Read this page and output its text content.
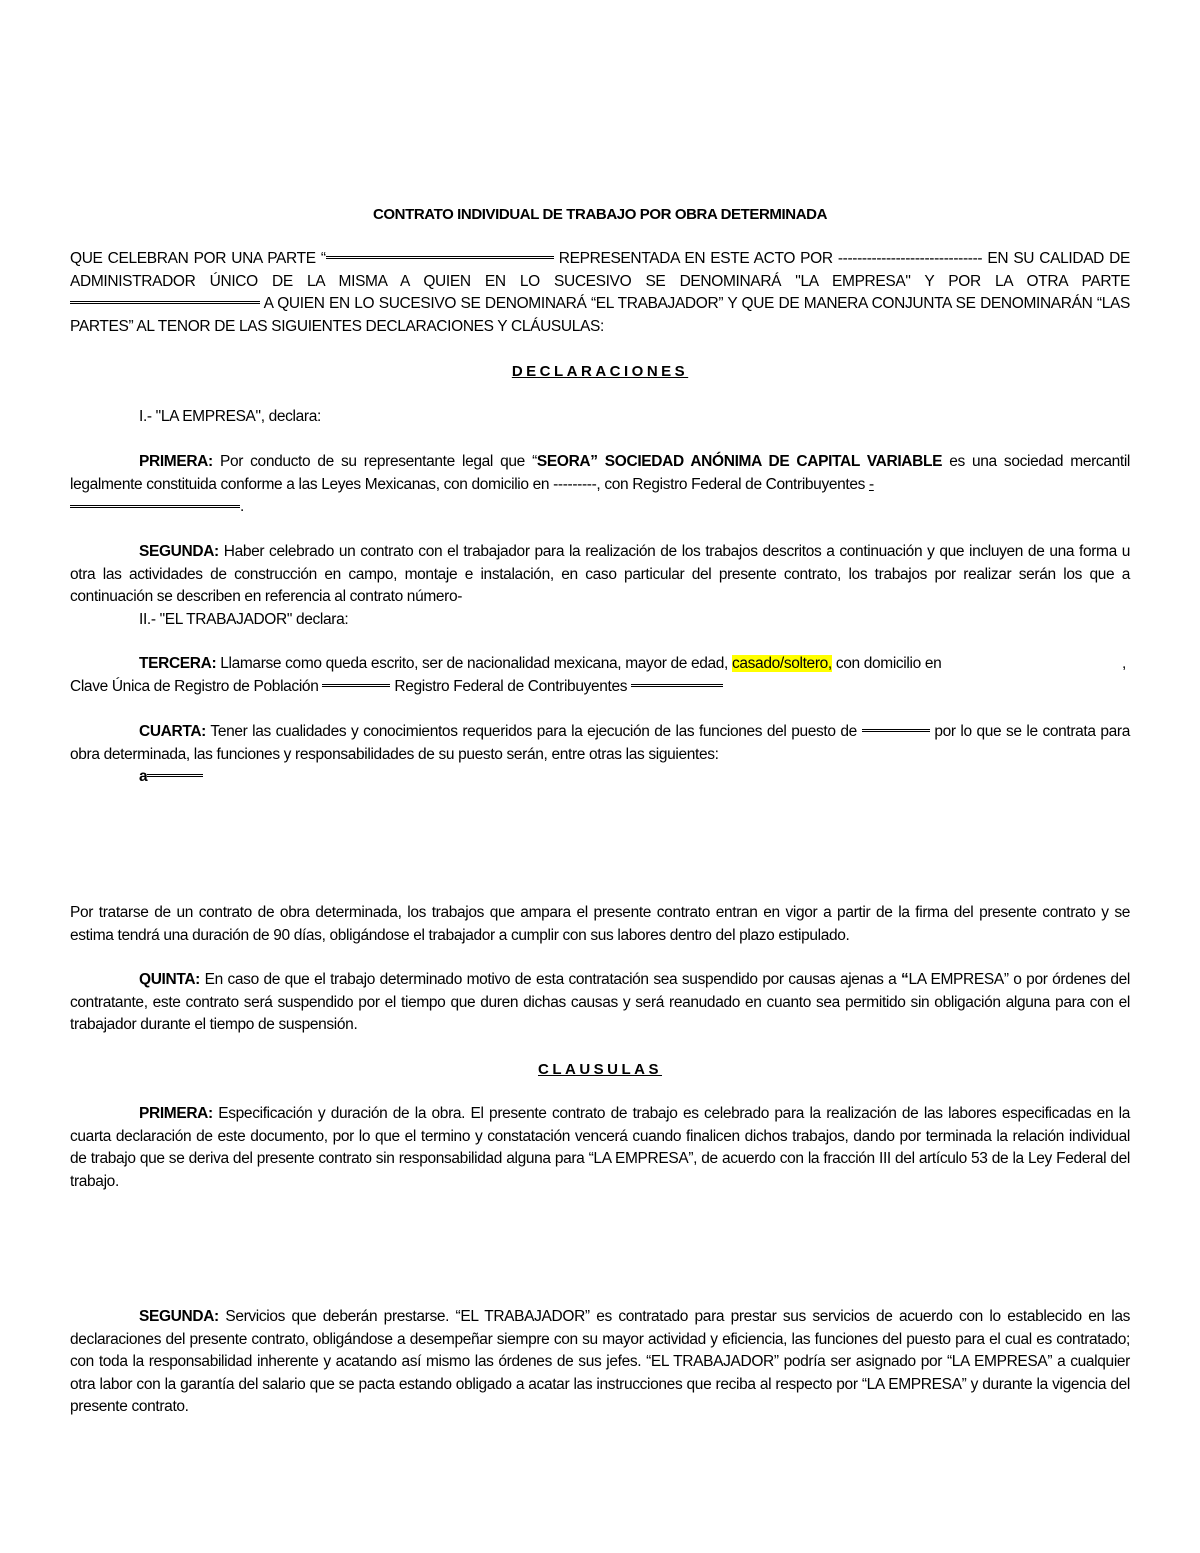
CONTRATO INDIVIDUAL DE TRABAJO POR OBRA DETERMINADA
QUE CELEBRAN POR UNA PARTE “	REPRESENTADA EN ESTE ACTO POR ------------------------------ EN SU CALIDAD DE ADMINISTRADOR ÚNICO DE LA MISMA A QUIEN EN LO SUCESIVO SE DENOMINARÁ "LA EMPRESA" Y POR LA OTRA PARTE  A QUIEN EN LO SUCESIVO SE DENOMINARÁ “EL TRABAJADOR” Y QUE DE MANERA CONJUNTA SE DENOMINARÁN “LAS PARTES” AL TENOR DE LAS SIGUIENTES DECLARACIONES Y CLÁUSULAS:
DECLARACIONES
I.- "LA EMPRESA", declara:
PRIMERA: Por conducto de su representante legal que “SEORA” SOCIEDAD ANÓNIMA DE CAPITAL VARIABLE es una sociedad mercantil legalmente constituida conforme a las Leyes Mexicanas, con domicilio en ---------, con Registro Federal de Contribuyentes -
.
SEGUNDA: Haber celebrado un contrato con el trabajador para la realización de los trabajos descritos a continuación y que incluyen de una forma u otra las actividades de construcción en campo, montaje e instalación, en caso particular del presente contrato, los trabajos por realizar serán los que a continuación se describen en referencia al contrato número-
II.- "EL TRABAJADOR" declara:
TERCERA: Llamarse como queda escrito, ser de nacionalidad mexicana, mayor de edad, casado/soltero, con domicilio en	,
Clave Única de Registro de Población	Registro Federal de Contribuyentes
CUARTA: Tener las cualidades y conocimientos requeridos para la ejecución de las funciones del puesto de	por lo que se le contrata para obra determinada, las funciones y responsabilidades de su puesto serán, entre otras las siguientes:
a
Por tratarse de un contrato de obra determinada, los trabajos que ampara el presente contrato entran en vigor a partir de la firma del presente contrato y se estima tendrá una duración de 90 días, obligándose el trabajador a cumplir con sus labores dentro del plazo estipulado.
QUINTA: En caso de que el trabajo determinado motivo de esta contratación sea suspendido por causas ajenas a “LA EMPRESA” o por órdenes del contratante, este contrato será suspendido por el tiempo que duren dichas causas y será reanudado en cuanto sea permitido sin obligación alguna para con el trabajador durante el tiempo de suspensión.
CLAUSULAS
PRIMERA: Especificación y duración de la obra. El presente contrato de trabajo es celebrado para la realización de las labores especificadas en la cuarta declaración de este documento, por lo que el termino y constatación vencerá cuando finalicen dichos trabajos, dando por terminada la relación individual de trabajo que se deriva del presente contrato sin responsabilidad alguna para “LA EMPRESA”, de acuerdo con la fracción III del artículo 53 de la Ley Federal del trabajo.
SEGUNDA: Servicios que deberán prestarse. “EL TRABAJADOR” es contratado para prestar sus servicios de acuerdo con lo establecido en las declaraciones del presente contrato, obligándose a desempeñar siempre con su mayor actividad y eficiencia, las funciones del puesto para el cual es contratado; con toda la responsabilidad inherente y acatando así mismo las órdenes de sus jefes. “EL TRABAJADOR” podría ser asignado por “LA EMPRESA” a cualquier otra labor con la garantía del salario que se pacta estando obligado a acatar las instrucciones que reciba al respecto por “LA EMPRESA” y durante la vigencia del presente contrato.
